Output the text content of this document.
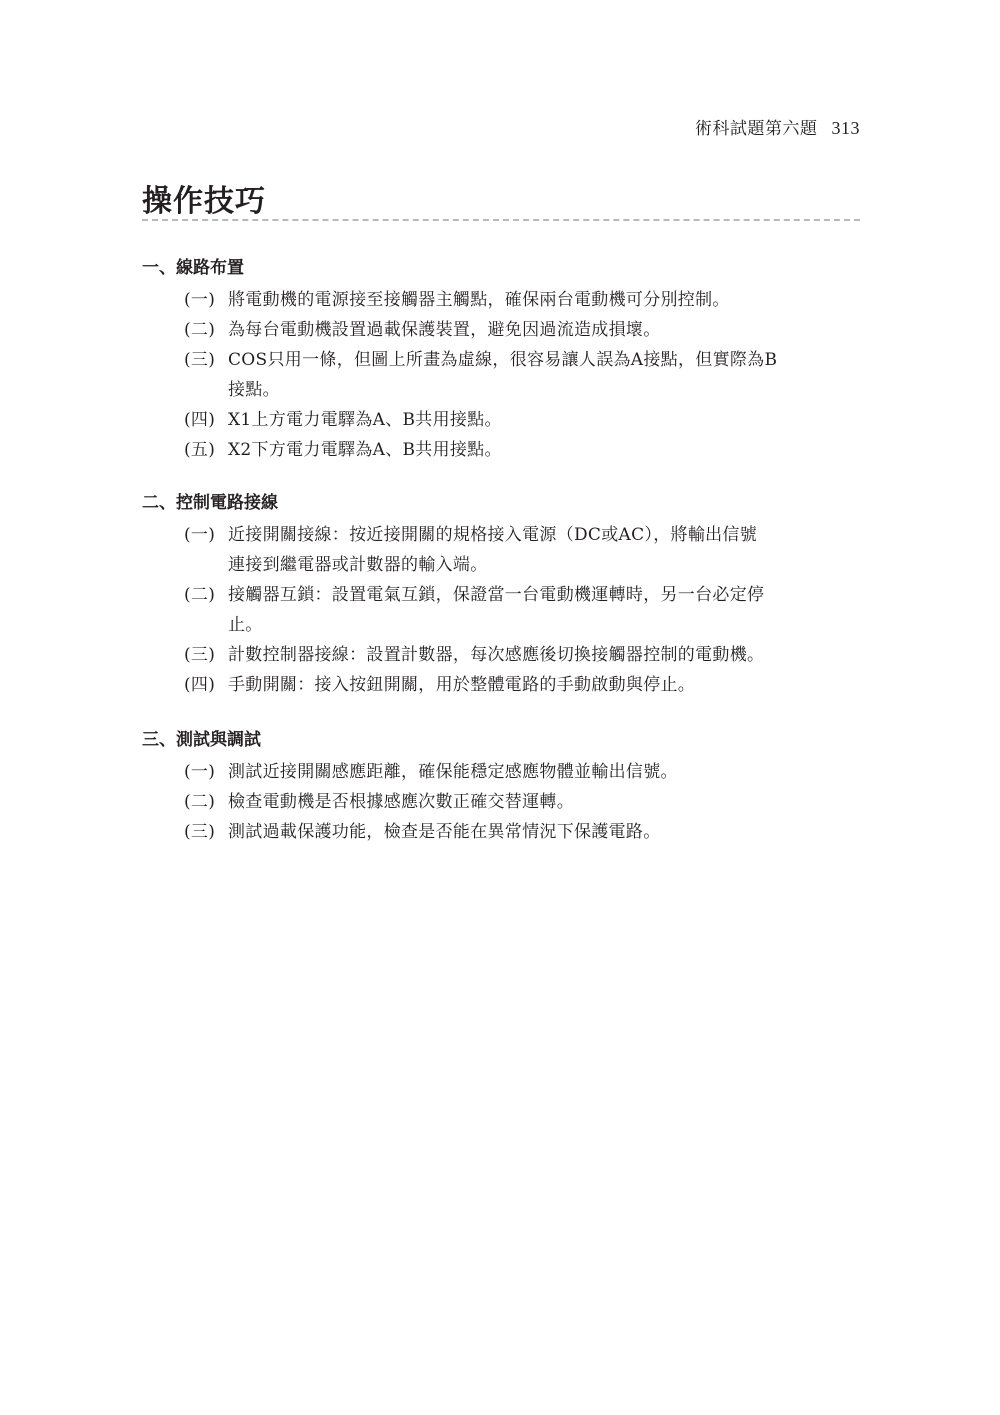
術科試題第六題 313
操作技巧
一、線路布置
(一) 將電動機的電源接至接觸器主觸點，確保兩台電動機可分別控制。
(二) 為每台電動機設置過載保護裝置，避免因過流造成損壞。
(三) COS只用一條，但圖上所畫為虛線，很容易讓人誤為A接點，但實際為B
接點。
(四) X1上方電力電驛為A、B共用接點。
(五) X2下方電力電驛為A、B共用接點。
二、控制電路接線
(一) 近接開關接線：按近接開關的規格接入電源（DC或AC），將輸出信號
連接到繼電器或計數器的輸入端。
(二) 接觸器互鎖：設置電氣互鎖，保證當一台電動機運轉時，另一台必定停
止。
(三) 計數控制器接線：設置計數器，每次感應後切換接觸器控制的電動機。
(四) 手動開關：接入按鈕開關，用於整體電路的手動啟動與停止。
三、測試與調試
(一) 測試近接開關感應距離，確保能穩定感應物體並輸出信號。
(二) 檢查電動機是否根據感應次數正確交替運轉。
(三) 測試過載保護功能，檢查是否能在異常情況下保護電路。
